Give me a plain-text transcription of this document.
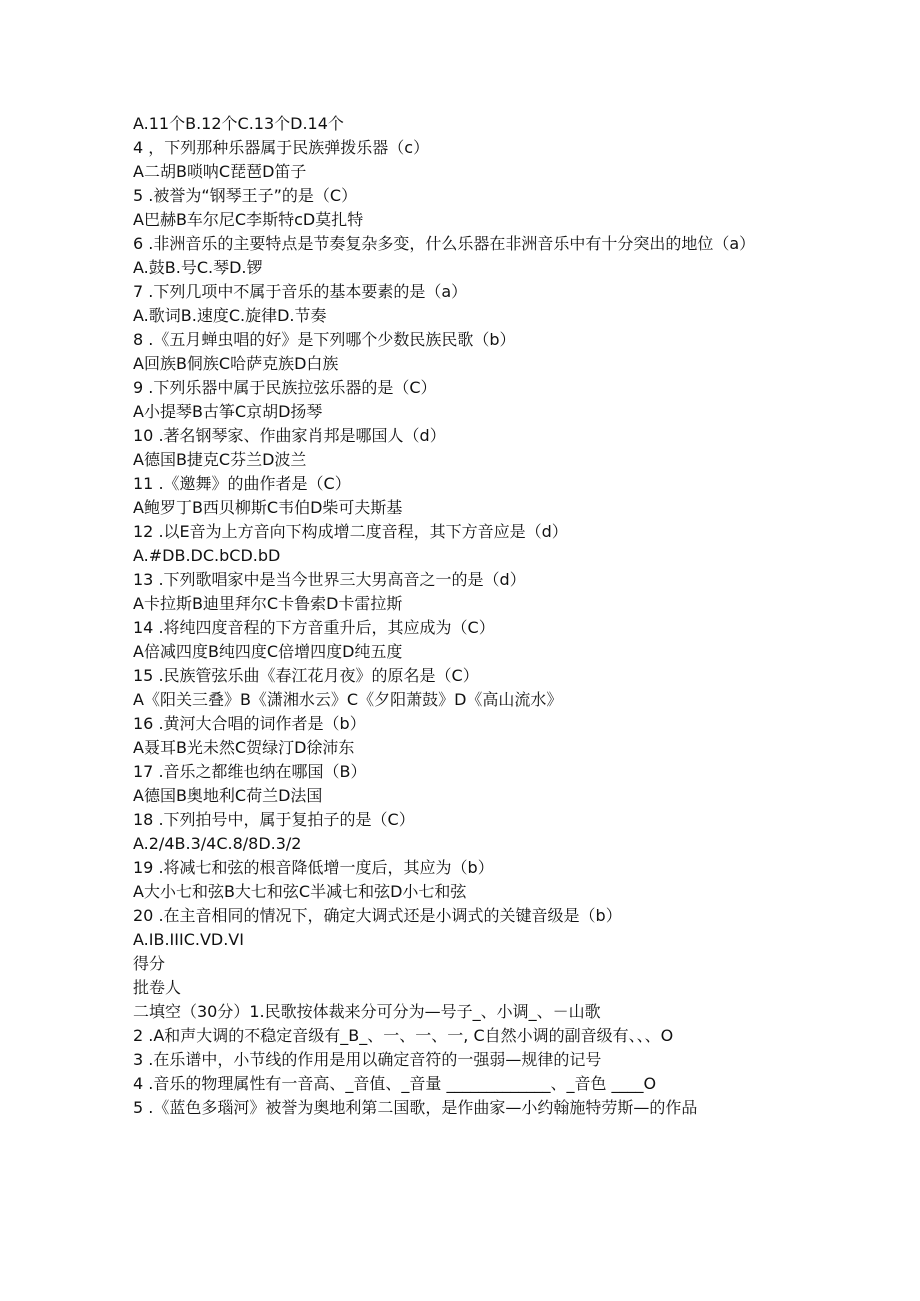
A.11个B.12个C.13个D.14个
4 ，下列那种乐器属于民族弹拨乐器（c）
A二胡B唢呐C琵琶D笛子
5 .被誉为“钢琴王子”的是（C）
A巴赫B车尔尼C李斯特cD莫扎特
6 .非洲音乐的主要特点是节奏复杂多变，什么乐器在非洲音乐中有十分突出的地位（a）
A.鼓B.号C.琴D.锣
7 .下列几项中不属于音乐的基本要素的是（a）
A.歌词B.速度C.旋律D.节奏
8 .《五月蝉虫唱的好》是下列哪个少数民族民歌（b）
A回族B侗族C哈萨克族D白族
9 .下列乐器中属于民族拉弦乐器的是（C）
A小提琴B古筝C京胡D扬琴
10 .著名钢琴家、作曲家肖邦是哪国人（d）
A德国B捷克C芬兰D波兰
11 .《邀舞》的曲作者是（C）
A鲍罗丁B西贝柳斯C韦伯D柴可夫斯基
12 .以E音为上方音向下构成增二度音程，其下方音应是（d）
A.#DB.DC.bCD.bD
13 .下列歌唱家中是当今世界三大男高音之一的是（d）
A卡拉斯B迪里拜尔C卡鲁索D卡雷拉斯
14 .将纯四度音程的下方音重升后，其应成为（C）
A倍减四度B纯四度C倍增四度D纯五度
15 .民族管弦乐曲《春江花月夜》的原名是（C）
A《阳关三叠》B《潇湘水云》C《夕阳萧鼓》D《高山流水》
16 .黄河大合唱的词作者是（b）
A聂耳B光未然C贺绿汀D徐沛东
17 .音乐之都维也纳在哪国（B）
A德国B奥地利C荷兰D法国
18 .下列拍号中，属于复拍子的是（C）
A.2/4B.3/4C.8/8D.3/2
19 .将减七和弦的根音降低增一度后，其应为（b）
A大小七和弦B大七和弦C半减七和弦D小七和弦
20 .在主音相同的情况下，确定大调式还是小调式的关键音级是（b）
A.IB.IIIC.VD.VI
得分
批卷人
二填空（30分）1.民歌按体裁来分可分为—号子_、小调_、－山歌
2 .A和声大调的不稳定音级有_B_、一、一、一, C自然小调的副音级有、、、O
3 .在乐谱中，小节线的作用是用以确定音符的一强弱—规律的记号
4 .音乐的物理属性有一音高、_音值、_音量 _____________、_音色 ____O
5 .《蓝色多瑙河》被誉为奥地利第二国歌，是作曲家—小约翰施特劳斯—的作品
